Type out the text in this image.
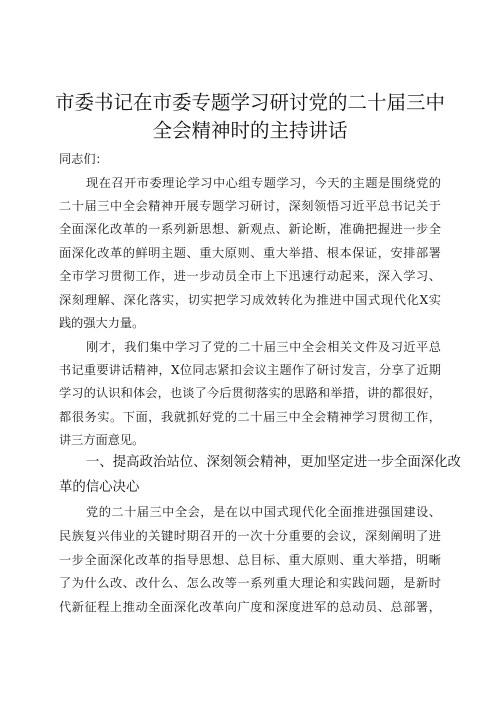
市委书记在市委专题学习研讨党的二十届三中
全会精神时的主持讲话
同志们：
现在召开市委理论学习中心组专题学习，今天的主题是围绕党的
二十届三中全会精神开展专题学习研讨，深刻领悟习近平总书记关于
全面深化改革的一系列新思想、新观点、新论断，准确把握进一步全
面深化改革的鲜明主题、重大原则、重大举措、根本保证，安排部署
全市学习贯彻工作，进一步动员全市上下迅速行动起来，深入学习、
深刻理解、深化落实，切实把学习成效转化为推进中国式现代化X实
践的强大力量。
刚才，我们集中学习了党的二十届三中全会相关文件及习近平总
书记重要讲话精神，X位同志紧扣会议主题作了研讨发言，分享了近期
学习的认识和体会，也谈了今后贯彻落实的思路和举措，讲的都很好，
都很务实。下面，我就抓好党的二十届三中全会精神学习贯彻工作，
讲三方面意见。
一、提高政治站位、深刻领会精神，更加坚定进一步全面深化改
革的信心决心
党的二十届三中全会，是在以中国式现代化全面推进强国建设、
民族复兴伟业的关键时期召开的一次十分重要的会议，深刻阐明了进
一步全面深化改革的指导思想、总目标、重大原则、重大举措，明晰
了为什么改、改什么、怎么改等一系列重大理论和实践问题，是新时
代新征程上推动全面深化改革向广度和深度进军的总动员、总部署，
